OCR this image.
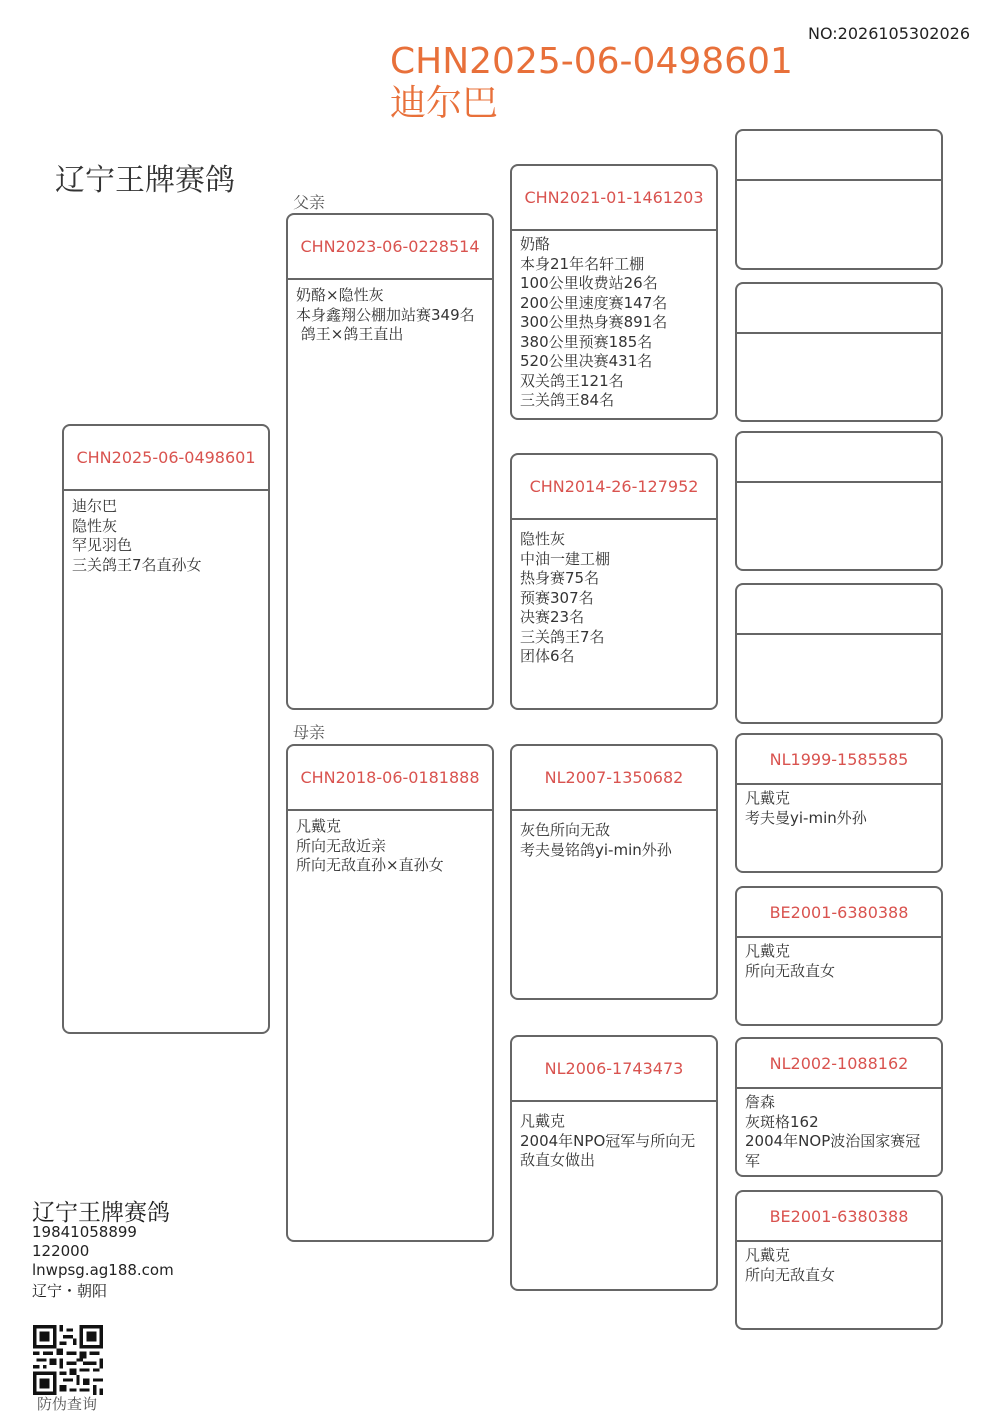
NO:2026105302026
CHN2025-06-0498601
迪尔巴
辽宁王牌赛鸽
父亲
母亲
CHN2025-06-0498601
迪尔巴
隐性灰
罕见羽色
三关鸽王7名直孙女
CHN2023-06-0228514
奶酪×隐性灰
本身鑫翔公棚加站赛349名
鸽王×鸽王直出
CHN2018-06-0181888
凡戴克
所向无敌近亲
所向无敌直孙×直孙女
CHN2021-01-1461203
奶酪
本身21年名轩工棚
100公里收费站26名
200公里速度赛147名
300公里热身赛891名
380公里预赛185名
520公里决赛431名
双关鸽王121名
三关鸽王84名
CHN2014-26-127952
隐性灰
中油一建工棚
热身赛75名
预赛307名
决赛23名
三关鸽王7名
团体6名
NL2007-1350682
灰色所向无敌
考夫曼铭鸽yi-min外孙
NL2006-1743473
凡戴克
2004年NPO冠军与所向无敌直女做出
NL1999-1585585
凡戴克
考夫曼yi-min外孙
BE2001-6380388
凡戴克
所向无敌直女
NL2002-1088162
詹森
灰斑格162
2004年NOP波治国家赛冠军
BE2001-6380388
凡戴克
所向无敌直女
辽宁王牌赛鸽
19841058899
122000
lnwpsg.ag188.com
辽宁・朝阳
防伪查询
